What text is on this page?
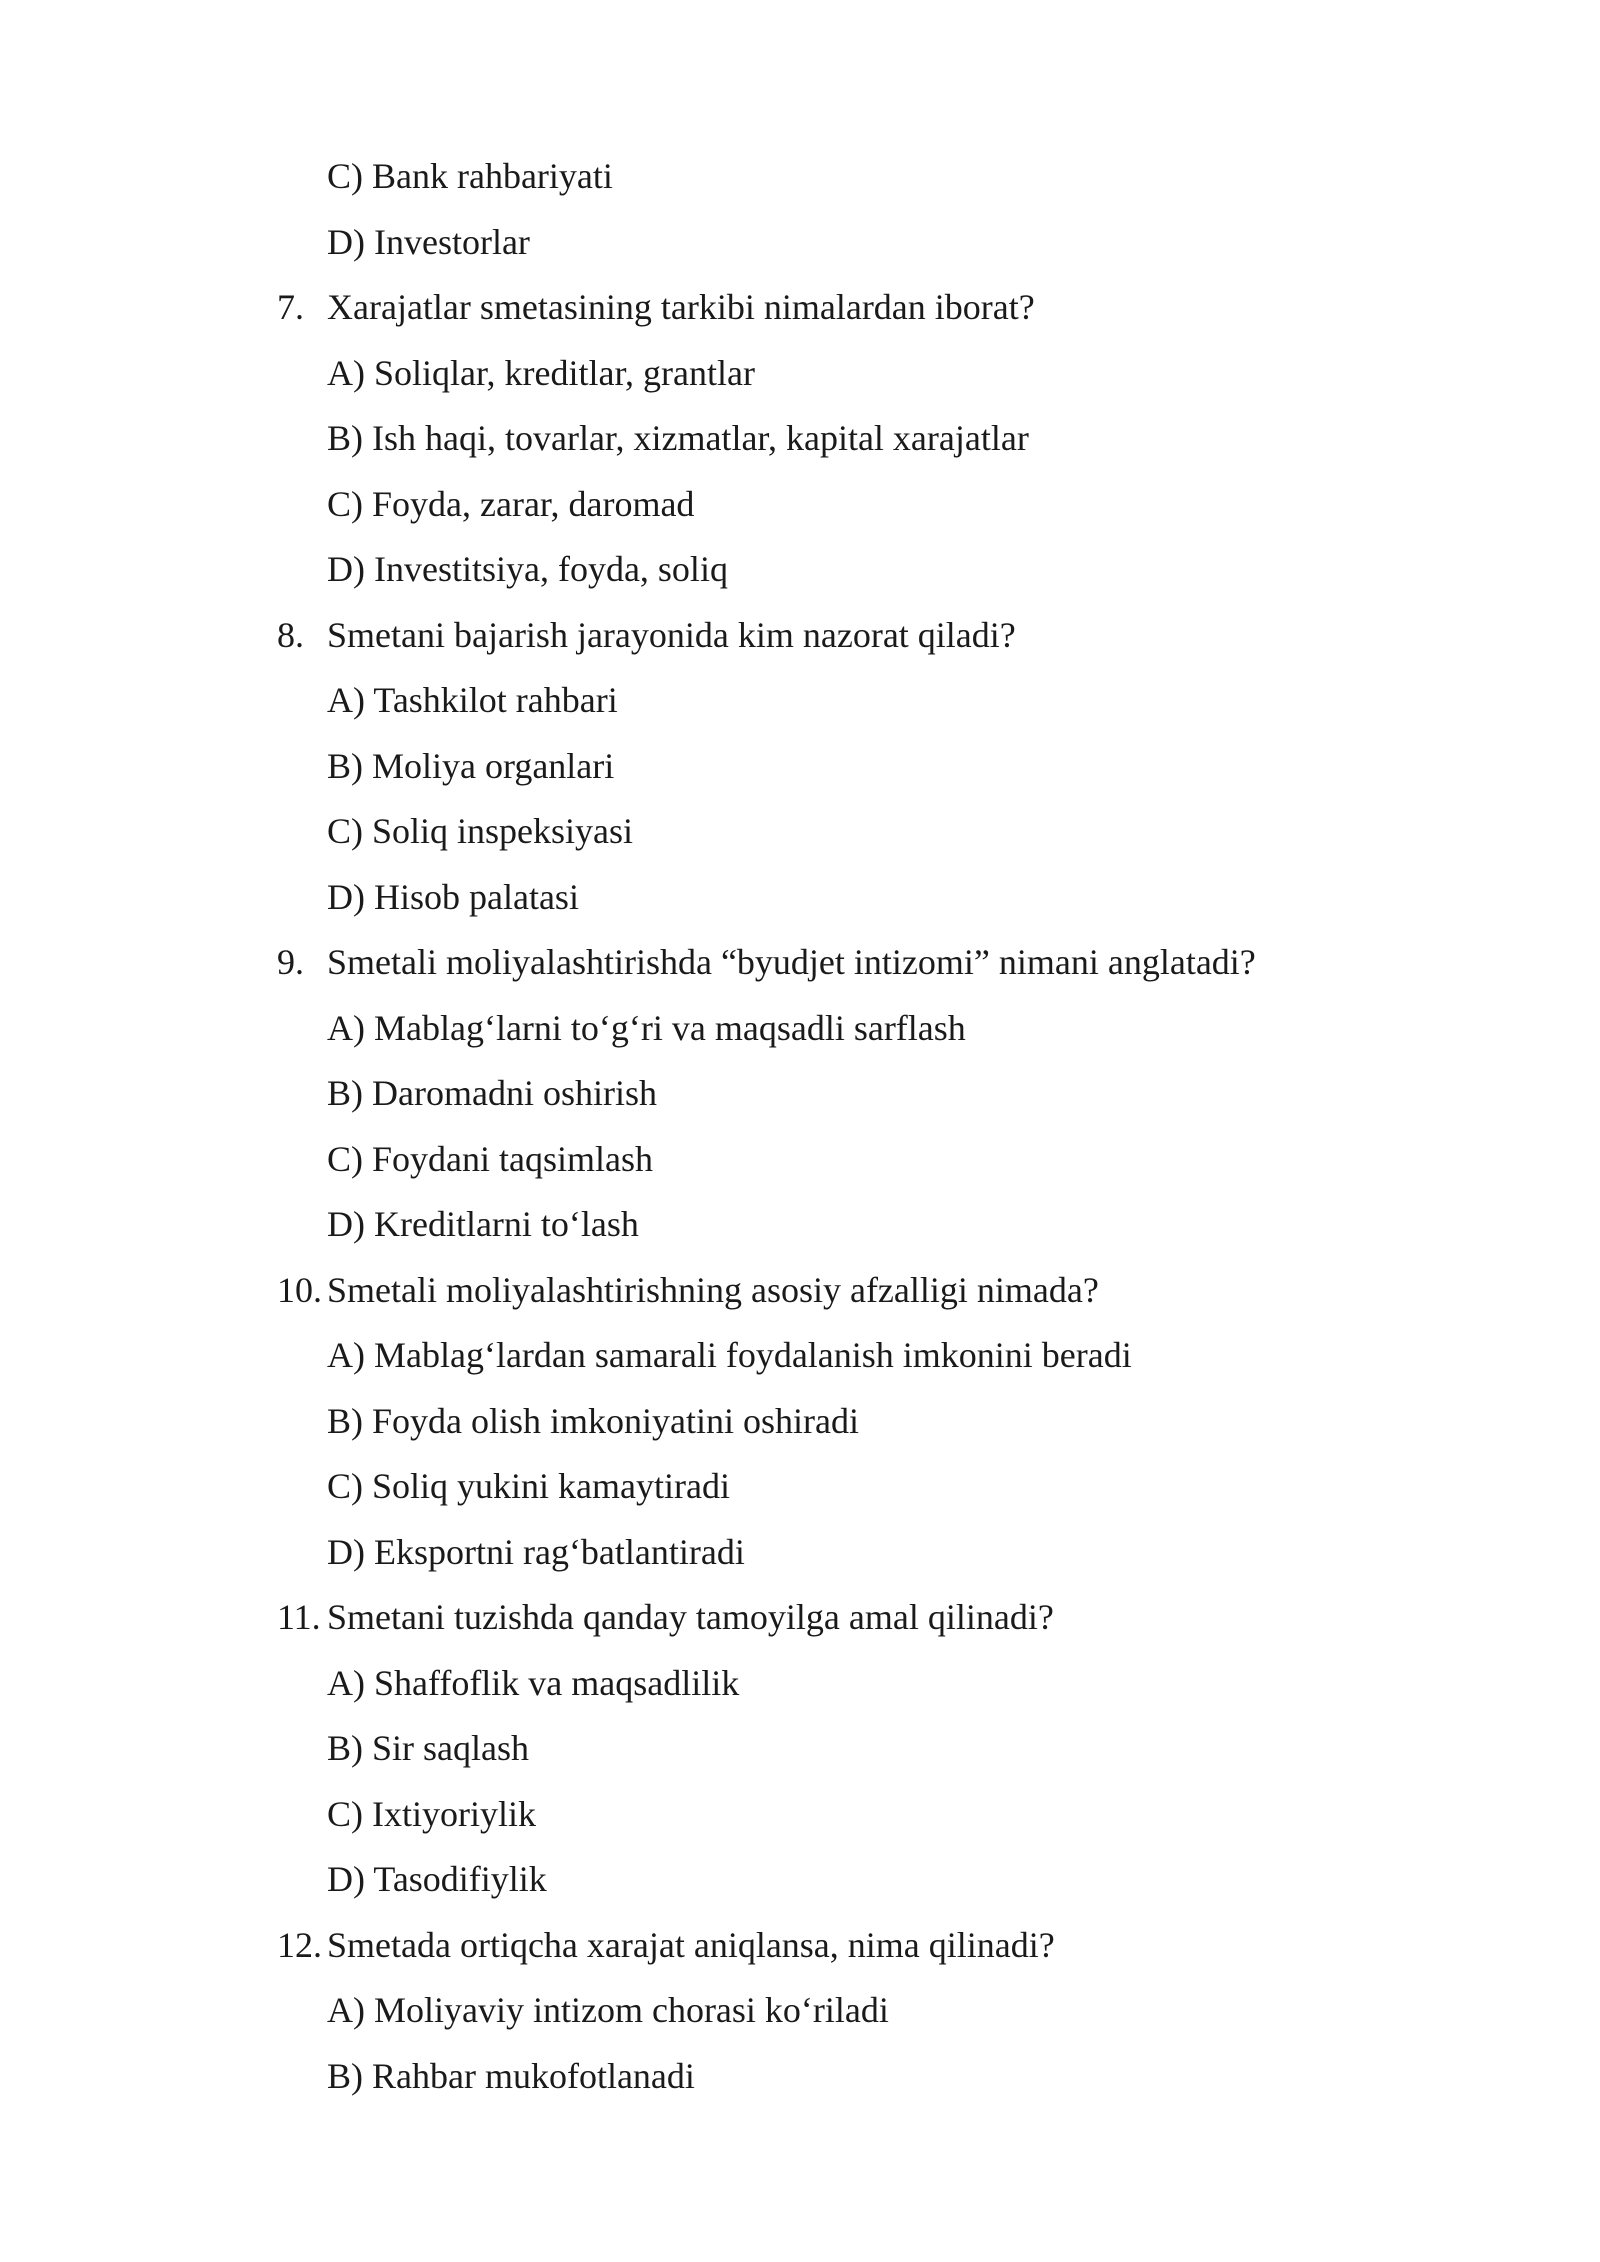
C) Bank rahbariyati
D) Investorlar
7. Xarajatlar smetasining tarkibi nimalardan iborat?
A) Soliqlar, kreditlar, grantlar
B) Ish haqi, tovarlar, xizmatlar, kapital xarajatlar
C) Foyda, zarar, daromad
D) Investitsiya, foyda, soliq
8. Smetani bajarish jarayonida kim nazorat qiladi?
A) Tashkilot rahbari
B) Moliya organlari
C) Soliq inspeksiyasi
D) Hisob palatasi
9. Smetali moliyalashtirishda “byudjet intizomi” nimani anglatadi?
A) Mablag‘larni to‘g‘ri va maqsadli sarflash
B) Daromadni oshirish
C) Foydani taqsimlash
D) Kreditlarni to‘lash
10. Smetali moliyalashtirishning asosiy afzalligi nimada?
A) Mablag‘lardan samarali foydalanish imkonini beradi
B) Foyda olish imkoniyatini oshiradi
C) Soliq yukini kamaytiradi
D) Eksportni rag‘batlantiradi
11. Smetani tuzishda qanday tamoyilga amal qilinadi?
A) Shaffoflik va maqsadlilik
B) Sir saqlash
C) Ixtiyoriylik
D) Tasodifiylik
12. Smetada ortiqcha xarajat aniqlansa, nima qilinadi?
A) Moliyaviy intizom chorasi ko‘riladi
B) Rahbar mukofotlanadi
